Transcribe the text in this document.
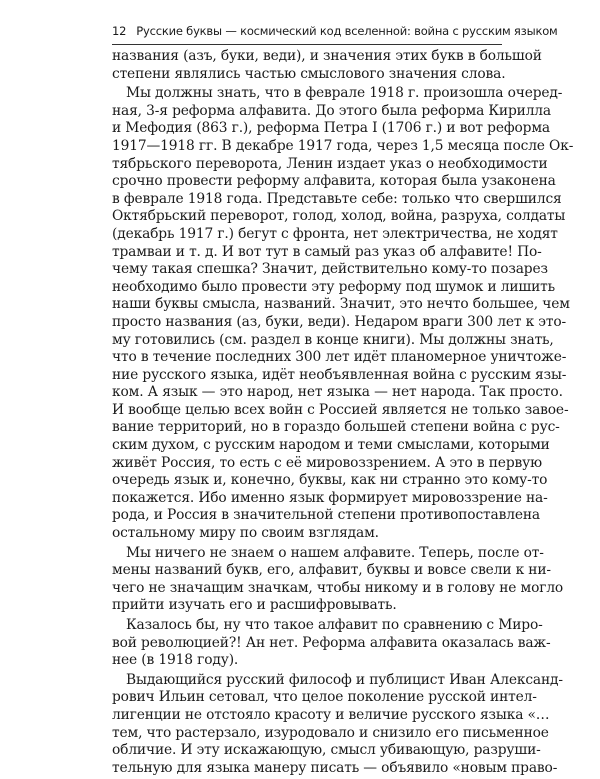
12 Русские буквы — космический код вселенной: война с русским языком
названия (азъ, буки, веди), и значения этих букв в большой
степени являлись частью смыслового значения слова.
Мы должны знать, что в феврале 1918 г. произошла очеред-
ная, 3-я реформа алфавита. До этого была реформа Кирилла
и Мефодия (863 г.), реформа Петра I (1706 г.) и вот реформа
1917—1918 гг. В декабре 1917 года, через 1,5 месяца после Ок-
тябрьского переворота, Ленин издает указ о необходимости
срочно провести реформу алфавита, которая была узаконена
в феврале 1918 года. Представьте себе: только что свершился
Октябрьский переворот, голод, холод, война, разруха, солдаты
(декабрь 1917 г.) бегут с фронта, нет электричества, не ходят
трамваи и т. д. И вот тут в самый раз указ об алфавите! По-
чему такая спешка? Значит, действительно кому-то позарез
необходимо было провести эту реформу под шумок и лишить
наши буквы смысла, названий. Значит, это нечто большее, чем
просто названия (аз, буки, веди). Недаром враги 300 лет к это-
му готовились (см. раздел в конце книги). Мы должны знать,
что в течение последних 300 лет идёт планомерное уничтоже-
ние русского языка, идёт необъявленная война с русским язы-
ком. А язык — это народ, нет языка — нет народа. Так просто.
И вообще целью всех войн с Россией является не только завое-
вание территорий, но в гораздо большей степени война с рус-
ским духом, с русским народом и теми смыслами, которыми
живёт Россия, то есть с её мировоззрением. А это в первую
очередь язык и, конечно, буквы, как ни странно это кому-то
покажется. Ибо именно язык формирует мировоззрение на-
рода, и Россия в значительной степени противопоставлена
остальному миру по своим взглядам.
Мы ничего не знаем о нашем алфавите. Теперь, после от-
мены названий букв, его, алфавит, буквы и вовсе свели к ни-
чего не значащим значкам, чтобы никому и в голову не могло
прийти изучать его и расшифровывать.
Казалось бы, ну что такое алфавит по сравнению с Миро-
вой революцией?! Ан нет. Реформа алфавита оказалась важ-
нее (в 1918 году).
Выдающийся русский философ и публицист Иван Александ-
рович Ильин сетовал, что целое поколение русской интел-
лигенции не отстояло красоту и величие русского языка «…
тем, что растерзало, изуродовало и снизило его письменное
обличие. И эту искажающую, смысл убивающую, разруши-
тельную для языка манеру писать — объявило «новым право-
